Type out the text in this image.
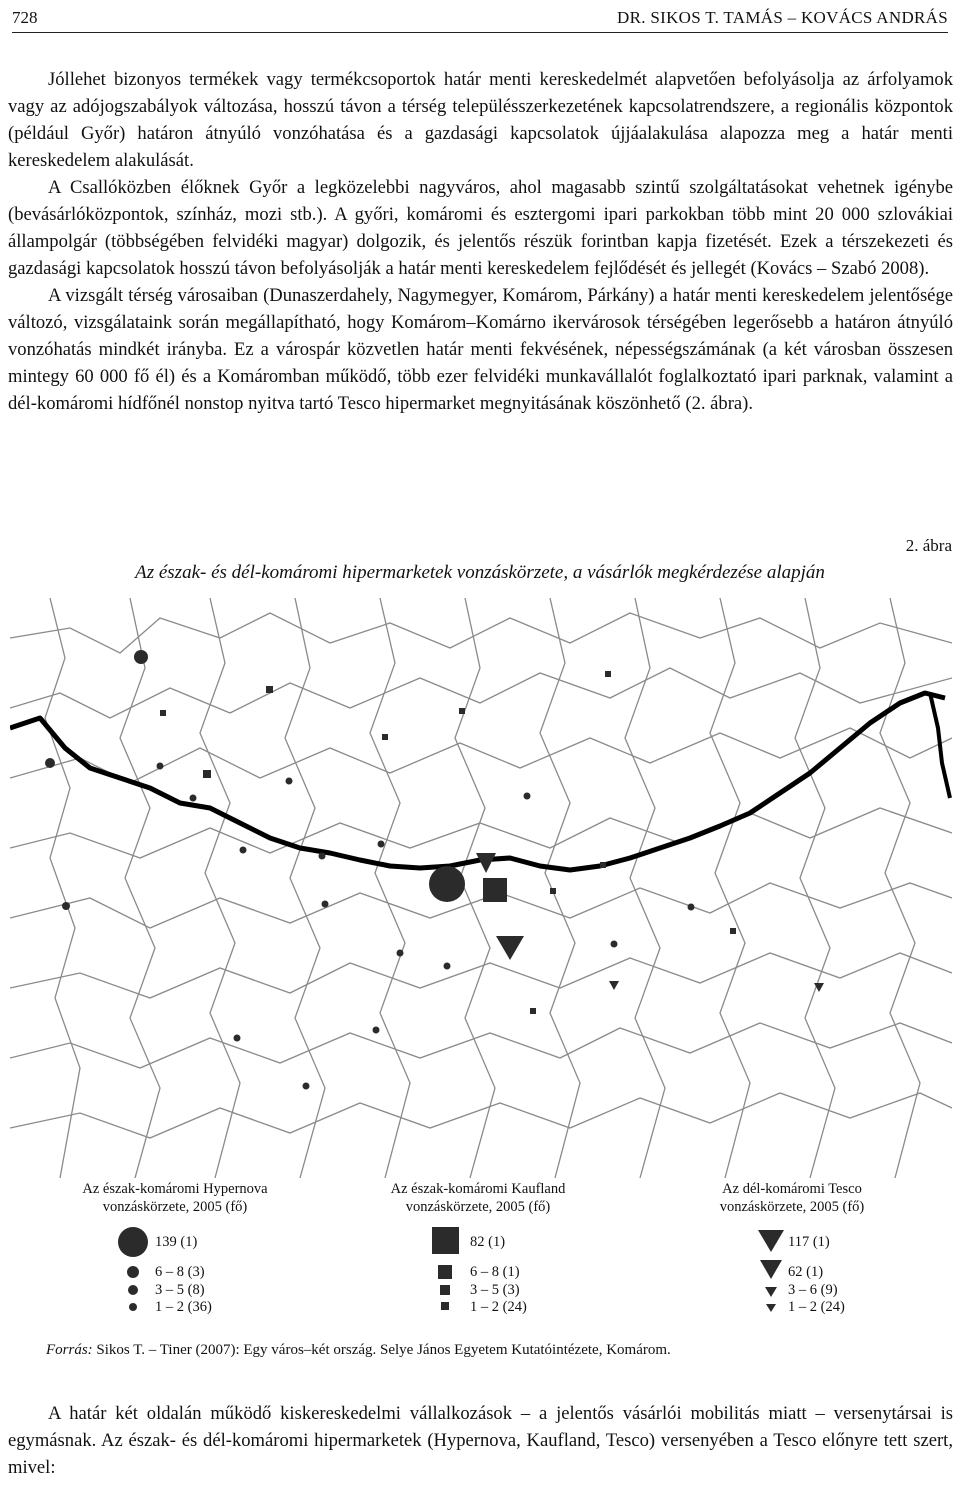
728	DR. SIKOS T. TAMÁS – KOVÁCS ANDRÁS

Jóllehet bizonyos termékek vagy termékcsoportok határ menti kereskedelmét alapvetően befolyásolja az árfolyamok vagy az adójogszabályok változása, hosszú távon a térség településszerkezetének kapcsolatrendszere, a regionális központok (például Győr) határon átnyúló vonzóhatása és a gazdasági kapcsolatok újjáalakulása alapozza meg a határ menti kereskedelem alakulását.

A Csallóközben élőknek Győr a legközelebbi nagyváros, ahol magasabb szintű szolgáltatásokat vehetnek igénybe (bevásárlóközpontok, színház, mozi stb.). A győri, komáromi és esztergomi ipari parkokban több mint 20 000 szlovákiai állampolgár (többségében felvidéki magyar) dolgozik, és jelentős részük forintban kapja fizetését. Ezek a térszekezeti és gazdasági kapcsolatok hosszú távon befolyásolják a határ menti kereskedelem fejlődését és jellegét (Kovács – Szabó 2008).

A vizsgált térség városaiban (Dunaszerdahely, Nagymegyer, Komárom, Párkány) a határ menti kereskedelem jelentősége változó, vizsgálataink során megállapítható, hogy Komárom–Komárno ikervárosok térségében legerősebb a határon átnyúló vonzóhatás mindkét irányba. Ez a várospár közvetlen határ menti fekvésének, népességszámának (a két városban összesen mintegy 60 000 fő él) és a Komáromban működő, több ezer felvidéki munkavállalót foglalkoztató ipari parknak, valamint a dél-komáromi hídfőnél nonstop nyitva tartó Tesco hipermarket megnyitásának köszönhető (2. ábra).

2. ábra
Az észak- és dél-komáromi hipermarketek vonzáskörzete, a vásárlók megkérdezése alapján
Az észak-komáromi Hypernova
vonzáskörzete, 2005 (fő)
139 (1)
6 – 8 (3)
3 – 5 (8)
1 – 2 (36)
Az észak-komáromi Kaufland
vonzáskörzete, 2005 (fő)
82 (1)
6 – 8 (1)
3 – 5 (3)
1 – 2 (24)
Az dél-komáromi Tesco
vonzáskörzete, 2005 (fő)
117 (1)
62 (1)
3 – 6 (9)
1 – 2 (24)
Forrás: Sikos T. – Tiner (2007): Egy város–két ország. Selye János Egyetem Kutatóintézete, Komárom.

A határ két oldalán működő kiskereskedelmi vállalkozások – a jelentős vásárlói mobilitás miatt – versenytársai is egymásnak. Az észak- és dél-komáromi hipermarketek (Hypernova, Kaufland, Tesco) versenyében a Tesco előnyre tett szert, mivel:
